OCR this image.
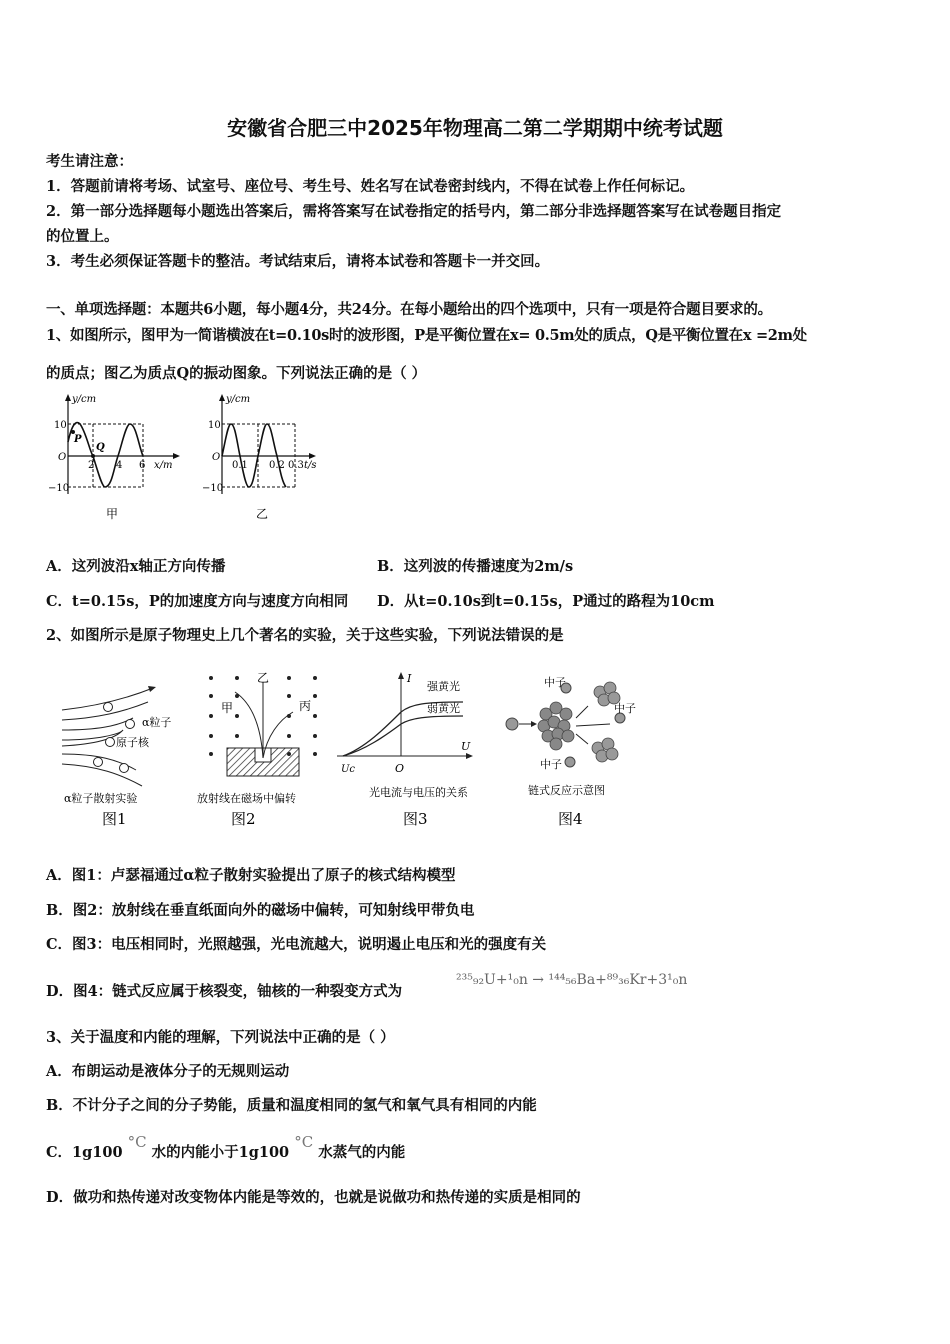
安徽省合肥三中2025年物理高二第二学期期中统考试题
考生请注意：
1．答题前请将考场、试室号、座位号、考生号、姓名写在试卷密封线内，不得在试卷上作任何标记。
2．第一部分选择题每小题选出答案后，需将答案写在试卷指定的括号内，第二部分非选择题答案写在试卷题目指定
的位置上。
3．考生必须保证答题卡的整洁。考试结束后，请将本试卷和答题卡一并交回。
一、单项选择题：本题共6小题，每小题4分，共24分。在每小题给出的四个选项中，只有一项是符合题目要求的。
1、如图所示，图甲为一简谐横波在t=0.10s时的波形图，P是平衡位置在x= 0.5m处的质点，Q是平衡位置在x =2m处
的质点；图乙为质点Q的振动图象。下列说法正确的是（ ）
y/cm
x/m
10
O
−10
2 4 6
P
Q
甲
y/cm
t/s
10
O
−10
0.1 0.2 0.3
乙
A．这列波沿x轴正方向传播	B．这列波的传播速度为2m/s
C．t=0.15s，P的加速度方向与速度方向相同 D．从t=0.10s到t=0.15s，P通过的路程为10cm
2、如图所示是原子物理史上几个著名的实验，关于这些实验，下列说法错误的是
α粒子
原子核
α粒子散射实验
图1
甲
乙
丙
放射线在磁场中偏转
图2
I
U
Uc	O
强黄光
弱黄光
光电流与电压的关系
图3
中子
中子
中子
链式反应示意图
图4
A．图1：卢瑟福通过α粒子散射实验提出了原子的核式结构模型
B．图2：放射线在垂直纸面向外的磁场中偏转，可知射线甲带负电
C．图3：电压相同时，光照越强，光电流越大，说明遏止电压和光的强度有关
D．图4：链式反应属于核裂变，铀核的一种裂变方式为
²³⁵₉₂U+¹₀n → ¹⁴⁴₅₆Ba+⁸⁹₃₆Kr+3¹₀n
3、关于温度和内能的理解，下列说法中正确的是（ ）
A．布朗运动是液体分子的无规则运动
B．不计分子之间的分子势能，质量和温度相同的氢气和氧气具有相同的内能
C．1g100 °C 水的内能小于1g100 °C 水蒸气的内能
D．做功和热传递对改变物体内能是等效的，也就是说做功和热传递的实质是相同的
